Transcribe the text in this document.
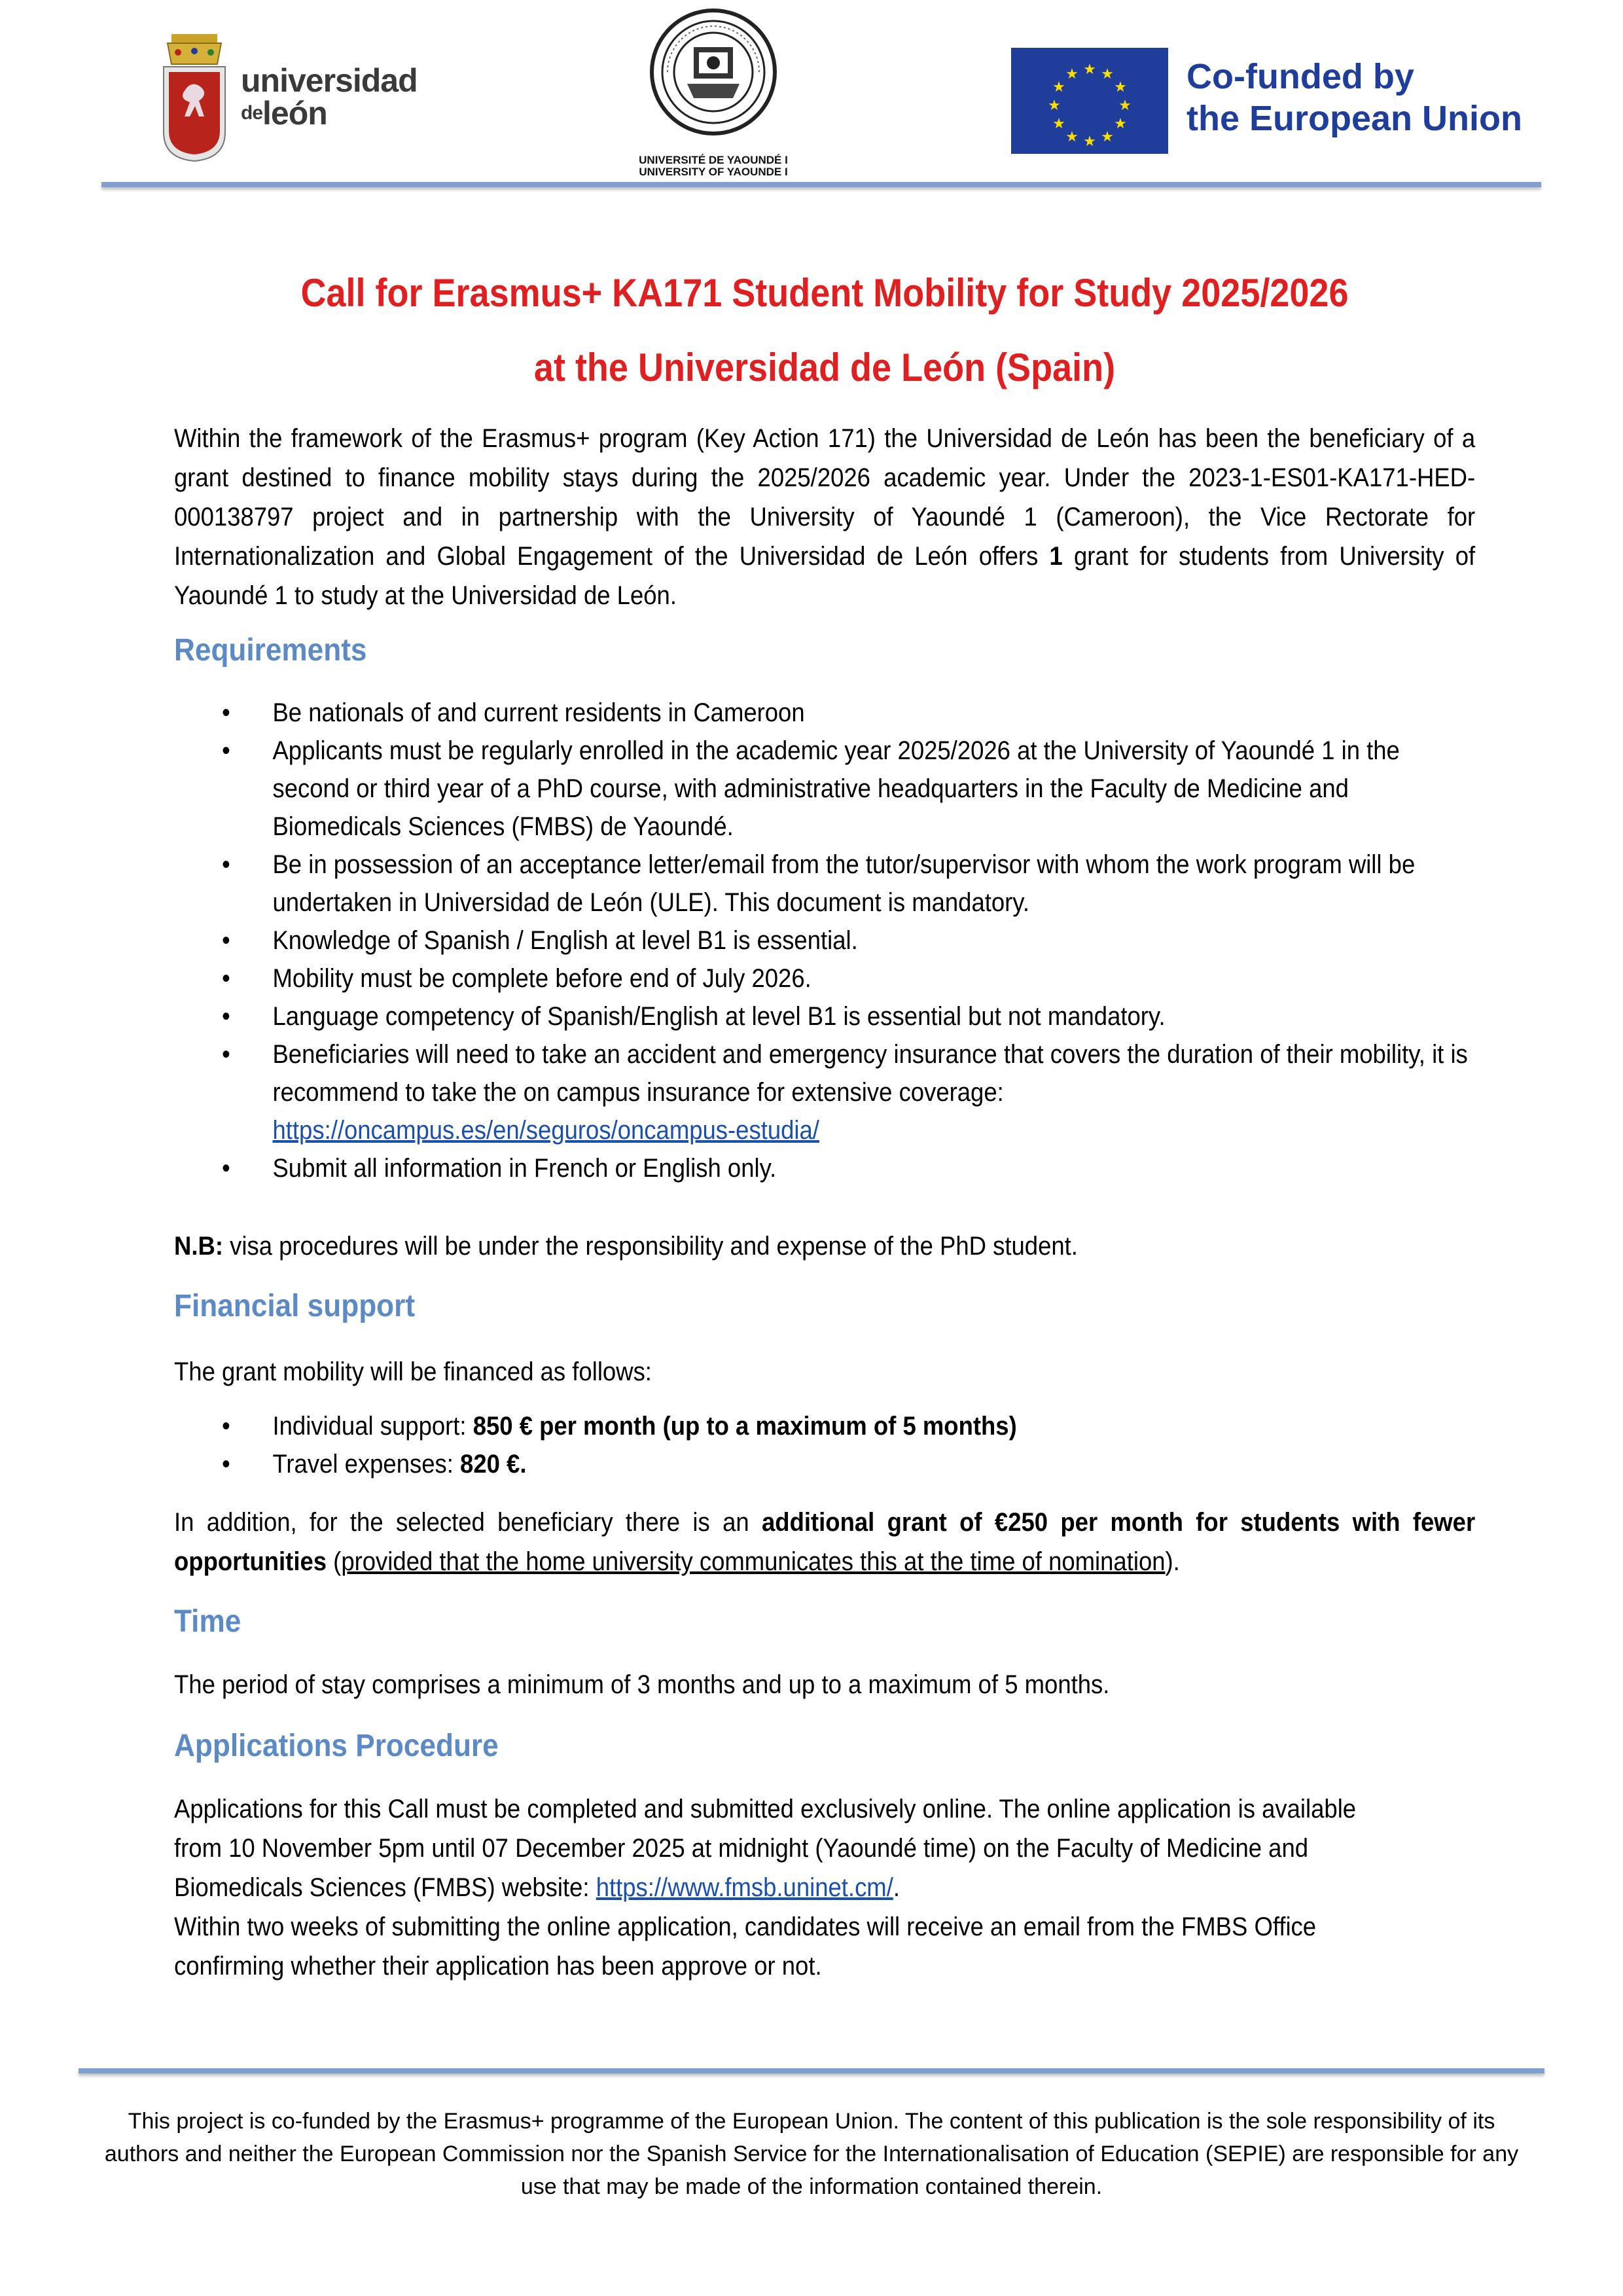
universidad
$^{de}$león
UNIVERSITÉ DE YAOUNDÉ I
UNIVERSITY OF YAOUNDE I
★ ★
★
★
★
★
★
★
★
★
★
★	Co-funded by
the European Union
Call for Erasmus+ KA171 Student Mobility for Study 2025/2026
at the Universidad de León (Spain)
Within the framework of the Erasmus+ program (Key Action 171) the Universidad de León has been the beneficiary of a grant destined to finance mobility stays during the 2025/2026 academic year. Under the 2023-1-ES01-KA171-HED-000138797 project and in partnership with the University of Yaoundé 1 (Cameroon), the Vice Rectorate for Internationalization and Global Engagement of the Universidad de León offers 1 grant for students from University of Yaoundé 1 to study at the Universidad de León.
Requirements
• Be nationals of and current residents in Cameroon
• Applicants must be regularly enrolled in the academic year 2025/2026 at the University of Yaoundé 1 in the second or third year of a PhD course, with administrative headquarters in the Faculty de Medicine and Biomedicals Sciences (FMBS) de Yaoundé.
• Be in possession of an acceptance letter/email from the tutor/supervisor with whom the work program will be undertaken in Universidad de León (ULE). This document is mandatory.
• Knowledge of Spanish / English at level B1 is essential.
• Mobility must be complete before end of July 2026.
• Language competency of Spanish/English at level B1 is essential but not mandatory.
• Beneficiaries will need to take an accident and emergency insurance that covers the duration of their mobility, it is recommend to take the on campus insurance for extensive coverage:
https://oncampus.es/en/seguros/oncampus-estudia/
• Submit all information in French or English only.
N.B: visa procedures will be under the responsibility and expense of the PhD student.
Financial support
The grant mobility will be financed as follows:
• Individual support: 850 € per month (up to a maximum of 5 months)
• Travel expenses: 820 €.
In addition, for the selected beneficiary there is an additional grant of €250 per month for students with fewer opportunities (provided that the home university communicates this at the time of nomination).
Time
The period of stay comprises a minimum of 3 months and up to a maximum of 5 months.
Applications Procedure
Applications for this Call must be completed and submitted exclusively online. The online application is available from 10 November 5pm until 07 December 2025 at midnight (Yaoundé time) on the Faculty of Medicine and Biomedicals Sciences (FMBS) website: https://www.fmsb.uninet.cm/.
Within two weeks of submitting the online application, candidates will receive an email from the FMBS Office confirming whether their application has been approve or not.
This project is co-funded by the Erasmus+ programme of the European Union. The content of this publication is the sole responsibility of its authors and neither the European Commission nor the Spanish Service for the Internationalisation of Education (SEPIE) are responsible for any use that may be made of the information contained therein.
